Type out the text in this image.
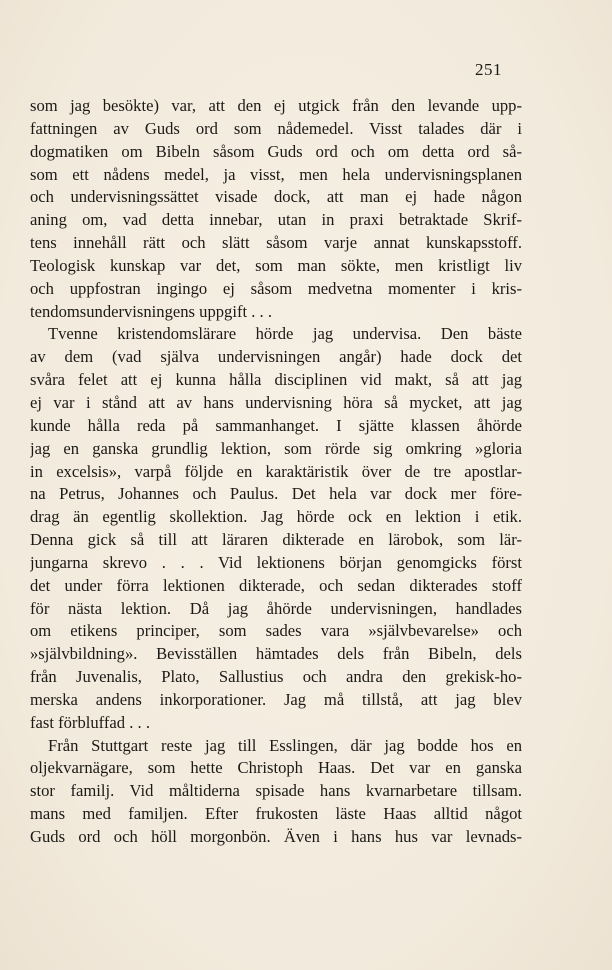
251
som jag besökte) var, att den ej utgick från den levande upp-
fattningen av Guds ord som nådemedel. Visst talades där i
dogmatiken om Bibeln såsom Guds ord och om detta ord så-
som ett nådens medel, ja visst, men hela undervisningsplanen
och undervisningssättet visade dock, att man ej hade någon
aning om, vad detta innebar, utan in praxi betraktade Skrif-
tens innehåll rätt och slätt såsom varje annat kunskapsstoff.
Teologisk kunskap var det, som man sökte, men kristligt liv
och uppfostran ingingo ej såsom medvetna momenter i kris-
tendomsundervisningens uppgift . . .
Tvenne kristendomslärare hörde jag undervisa. Den bäste
av dem (vad själva undervisningen angår) hade dock det
svåra felet att ej kunna hålla disciplinen vid makt, så att jag
ej var i stånd att av hans undervisning höra så mycket, att jag
kunde hålla reda på sammanhanget. I sjätte klassen åhörde
jag en ganska grundlig lektion, som rörde sig omkring »gloria
in excelsis», varpå följde en karaktäristik över de tre apostlar-
na Petrus, Johannes och Paulus. Det hela var dock mer före-
drag än egentlig skollektion. Jag hörde ock en lektion i etik.
Denna gick så till att läraren dikterade en lärobok, som lär-
jungarna skrevo . . . Vid lektionens början genomgicks först
det under förra lektionen dikterade, och sedan dikterades stoff
för nästa lektion. Då jag åhörde undervisningen, handlades
om etikens principer, som sades vara »självbevarelse» och
»självbildning». Bevisställen hämtades dels från Bibeln, dels
från Juvenalis, Plato, Sallustius och andra den grekisk-ho-
merska andens inkorporationer. Jag må tillstå, att jag blev
fast förbluffad . . .
Från Stuttgart reste jag till Esslingen, där jag bodde hos en
oljekvarnägare, som hette Christoph Haas. Det var en ganska
stor familj. Vid måltiderna spisade hans kvarnarbetare tillsam.
mans med familjen. Efter frukosten läste Haas alltid något
Guds ord och höll morgonbön. Även i hans hus var levnads-
